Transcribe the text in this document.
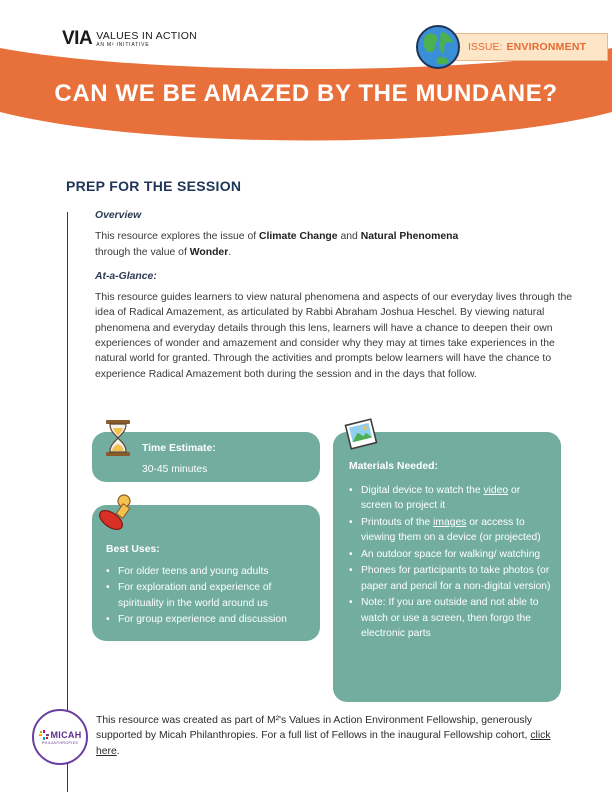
VIA VALUES IN ACTION
AN M² INITIATIVE	ISSUE: ENVIRONMENT
CAN WE BE AMAZED BY THE MUNDANE?
PREP FOR THE SESSION
Overview
This resource explores the issue of Climate Change and Natural Phenomena
through the value of Wonder.
At-a-Glance:
This resource guides learners to view natural phenomena and aspects of our everyday lives through the idea of Radical Amazement, as articulated by Rabbi Abraham Joshua Heschel. By viewing natural phenomena and everyday details through this lens, learners will have a chance to deepen their own experiences of wonder and amazement and consider why they may at times take experiences in the natural world for granted. Through the activities and prompts below learners will have the chance to experience Radical Amazement both during the session and in the days that follow.
Time Estimate:
30-45 minutes
Best Uses:
• For older teens and young adults
• For exploration and experience of spirituality in the world around us
• For group experience and discussion
Materials Needed:
• Digital device to watch the video or screen to project it
• Printouts of the images or access to viewing them on a device (or projected)
• An outdoor space for walking/ watching
• Phones for participants to take photos (or paper and pencil for a non-digital version)
• Note: If you are outside and not able to watch or use a screen, then forgo the electronic parts
MICAH
PHILANTHROPIES
This resource was created as part of M²'s Values in Action Environment Fellowship, generously supported by Micah Philanthropies. For a full list of Fellows in the inaugural Fellowship cohort, click here.
